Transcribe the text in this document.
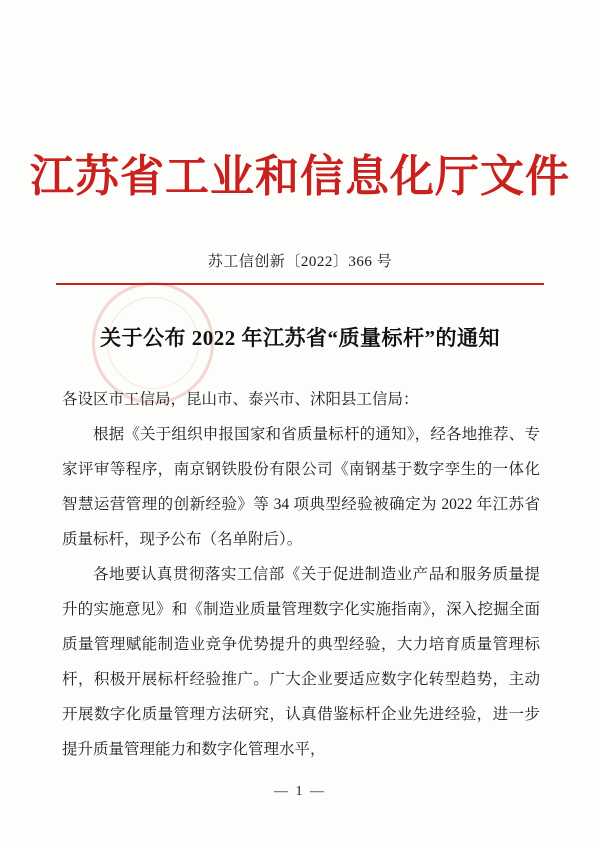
江苏省工业和信息化厅文件
苏工信创新〔2022〕366 号
关于公布 2022 年江苏省“质量标杆”的通知

各设区市工信局，昆山市、泰兴市、沭阳县工信局：

根据《关于组织申报国家和省质量标杆的通知》，经各地推荐、专家评审等程序，南京钢铁股份有限公司《南钢基于数字孪生的一体化智慧运营管理的创新经验》等 34 项典型经验被确定为 2022 年江苏省质量标杆，现予公布（名单附后）。

各地要认真贯彻落实工信部《关于促进制造业产品和服务质量提升的实施意见》和《制造业质量管理数字化实施指南》，深入挖掘全面质量管理赋能制造业竞争优势提升的典型经验，大力培育质量管理标杆，积极开展标杆经验推广。广大企业要适应数字化转型趋势，主动开展数字化质量管理方法研究，认真借鉴标杆企业先进经验，进一步提升质量管理能力和数字化管理水平，

— 1 —
